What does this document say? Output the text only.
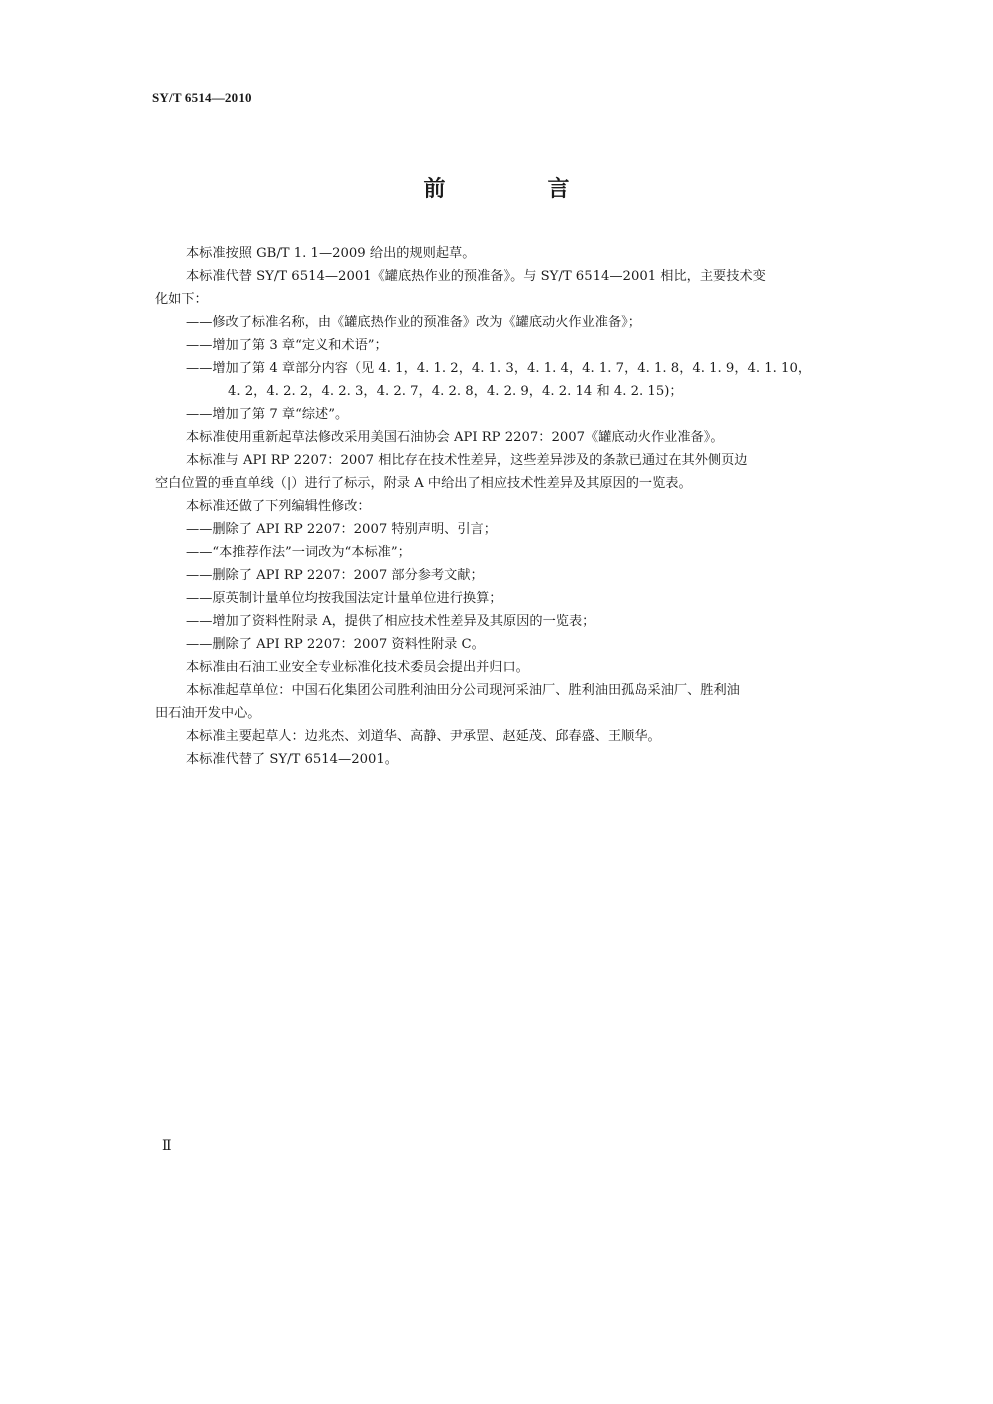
SY/T 6514—2010
前　言

本标准按照 GB/T 1. 1—2009 给出的规则起草。

本标准代替 SY/T 6514—2001《罐底热作业的预准备》。与 SY/T 6514—2001 相比，主要技术变

化如下：

——修改了标准名称，由《罐底热作业的预准备》改为《罐底动火作业准备》；

——增加了第 3 章“定义和术语”；

——增加了第 4 章部分内容（见 4. 1，4. 1. 2，4. 1. 3，4. 1. 4，4. 1. 7，4. 1. 8，4. 1. 9，4. 1. 10，

4. 2，4. 2. 2，4. 2. 3，4. 2. 7，4. 2. 8，4. 2. 9，4. 2. 14 和 4. 2. 15)；

——增加了第 7 章“综述”。

本标准使用重新起草法修改采用美国石油协会 API RP 2207：2007《罐底动火作业准备》。

本标准与 API RP 2207：2007 相比存在技术性差异，这些差异涉及的条款已通过在其外侧页边

空白位置的垂直单线（|）进行了标示，附录 A 中给出了相应技术性差异及其原因的一览表。

本标准还做了下列编辑性修改：

——删除了 API RP 2207：2007 特别声明、引言；

——“本推荐作法”一词改为“本标准”；

——删除了 API RP 2207：2007 部分参考文献；

——原英制计量单位均按我国法定计量单位进行换算；

——增加了资料性附录 A，提供了相应技术性差异及其原因的一览表；

——删除了 API RP 2207：2007 资料性附录 C。

本标准由石油工业安全专业标准化技术委员会提出并归口。

本标准起草单位：中国石化集团公司胜利油田分公司现河采油厂、胜利油田孤岛采油厂、胜利油

田石油开发中心。

本标准主要起草人：边兆杰、刘道华、高静、尹承罡、赵延茂、邱春盛、王顺华。

本标准代替了 SY/T 6514—2001。

Ⅱ
